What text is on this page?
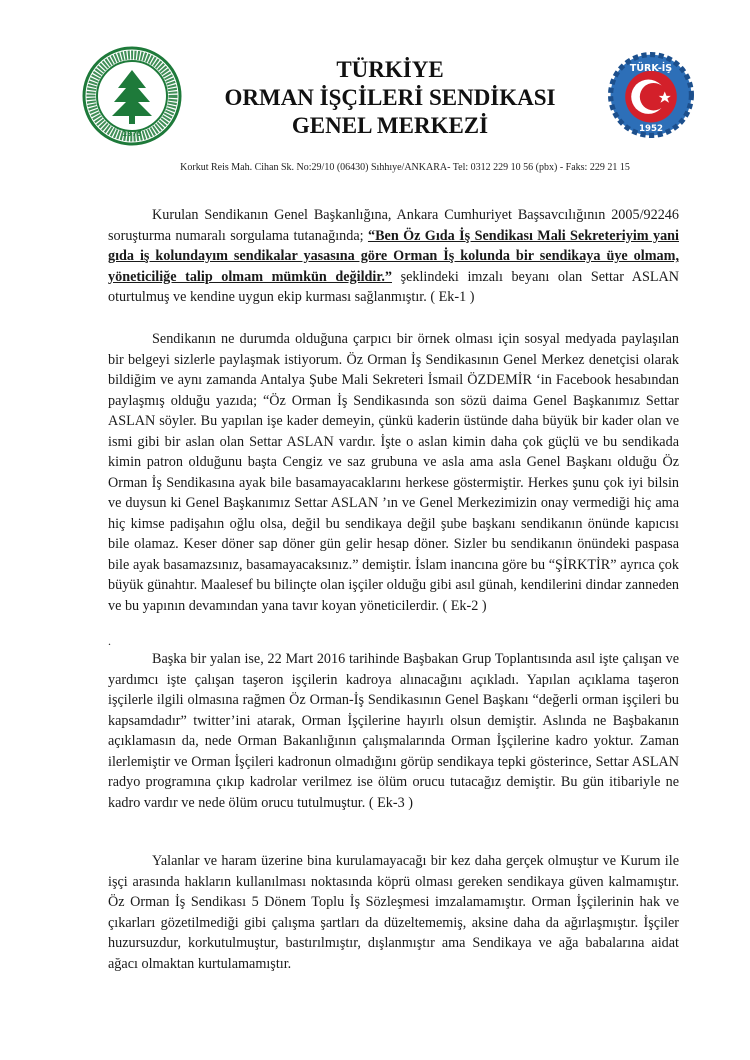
1975
TÜRKİYE
ORMAN İŞÇİLERİ SENDİKASI
GENEL MERKEZİ
TÜRK-İŞ
1952
Korkut Reis Mah. Cihan Sk. No:29/10 (06430) Sıhhıye/ANKARA- Tel: 0312 229 10 56 (pbx) - Faks: 229 21 15

Kurulan Sendikanın Genel Başkanlığına, Ankara Cumhuriyet Başsavcılığının 2005/92246 soruşturma numaralı sorgulama tutanağında; “Ben Öz Gıda İş Sendikası Mali Sekreteriyim yani gıda iş kolundayım sendikalar yasasına göre Orman İş kolunda bir sendikaya üye olmam, yöneticiliğe talip olmam mümkün değildir.” şeklindeki imzalı beyanı olan Settar ASLAN oturtulmuş ve kendine uygun ekip kurması sağlanmıştır. ( Ek-1 )

Sendikanın ne durumda olduğuna çarpıcı bir örnek olması için sosyal medyada paylaşılan bir belgeyi sizlerle paylaşmak istiyorum. Öz Orman İş Sendikasının Genel Merkez denetçisi olarak bildiğim ve aynı zamanda Antalya Şube Mali Sekreteri İsmail ÖZDEMİR ‘in Facebook hesabından paylaşmış olduğu yazıda; “Öz Orman İş Sendikasında son sözü daima Genel Başkanımız Settar ASLAN söyler. Bu yapılan işe kader demeyin, çünkü kaderin üstünde daha büyük bir kader olan ve ismi gibi bir aslan olan Settar ASLAN vardır. İşte o aslan kimin daha çok güçlü ve bu sendikada kimin patron olduğunu başta Cengiz ve saz grubuna ve asla ama asla Genel Başkanı olduğu Öz Orman İş Sendikasına ayak bile basamayacaklarını herkese göstermiştir. Herkes şunu çok iyi bilsin ve duysun ki Genel Başkanımız Settar ASLAN ’ın ve Genel Merkezimizin onay vermediği hiç ama hiç kimse padişahın oğlu olsa, değil bu sendikaya değil şube başkanı sendikanın önünde kapıcısı bile olamaz. Keser döner sap döner gün gelir hesap döner. Sizler bu sendikanın önündeki paspasa bile ayak basamazsınız, basamayacaksınız.” demiştir. İslam inancına göre bu “ŞİRKTİR” ayrıca çok büyük günahtır. Maalesef bu bilinçte olan işçiler olduğu gibi asıl günah, kendilerini dindar zanneden ve bu yapının devamından yana tavır koyan yöneticilerdir. ( Ek-2 )

.

Başka bir yalan ise, 22 Mart 2016 tarihinde Başbakan Grup Toplantısında asıl işte çalışan ve yardımcı işte çalışan taşeron işçilerin kadroya alınacağını açıkladı. Yapılan açıklama taşeron işçilerle ilgili olmasına rağmen Öz Orman-İş Sendikasının Genel Başkanı “değerli orman işçileri bu kapsamdadır” twitter’ini atarak, Orman İşçilerine hayırlı olsun demiştir. Aslında ne Başbakanın açıklamasın da, nede Orman Bakanlığının çalışmalarında Orman İşçilerine kadro yoktur. Zaman ilerlemiştir ve Orman İşçileri kadronun olmadığını görüp sendikaya tepki gösterince, Settar ASLAN radyo programına çıkıp kadrolar verilmez ise ölüm orucu tutacağız demiştir. Bu gün itibariyle ne kadro vardır ve nede ölüm orucu tutulmuştur. ( Ek-3 )

Yalanlar ve haram üzerine bina kurulamayacağı bir kez daha gerçek olmuştur ve Kurum ile işçi arasında hakların kullanılması noktasında köprü olması gereken sendikaya güven kalmamıştır. Öz Orman İş Sendikası 5 Dönem Toplu İş Sözleşmesi imzalamamıştır. Orman İşçilerinin hak ve çıkarları gözetilmediği gibi çalışma şartları da düzeltememiş, aksine daha da ağırlaşmıştır. İşçiler huzursuzdur, korkutulmuştur, bastırılmıştır, dışlanmıştır ama Sendikaya ve ağa babalarına aidat ağacı olmaktan kurtulamamıştır.
